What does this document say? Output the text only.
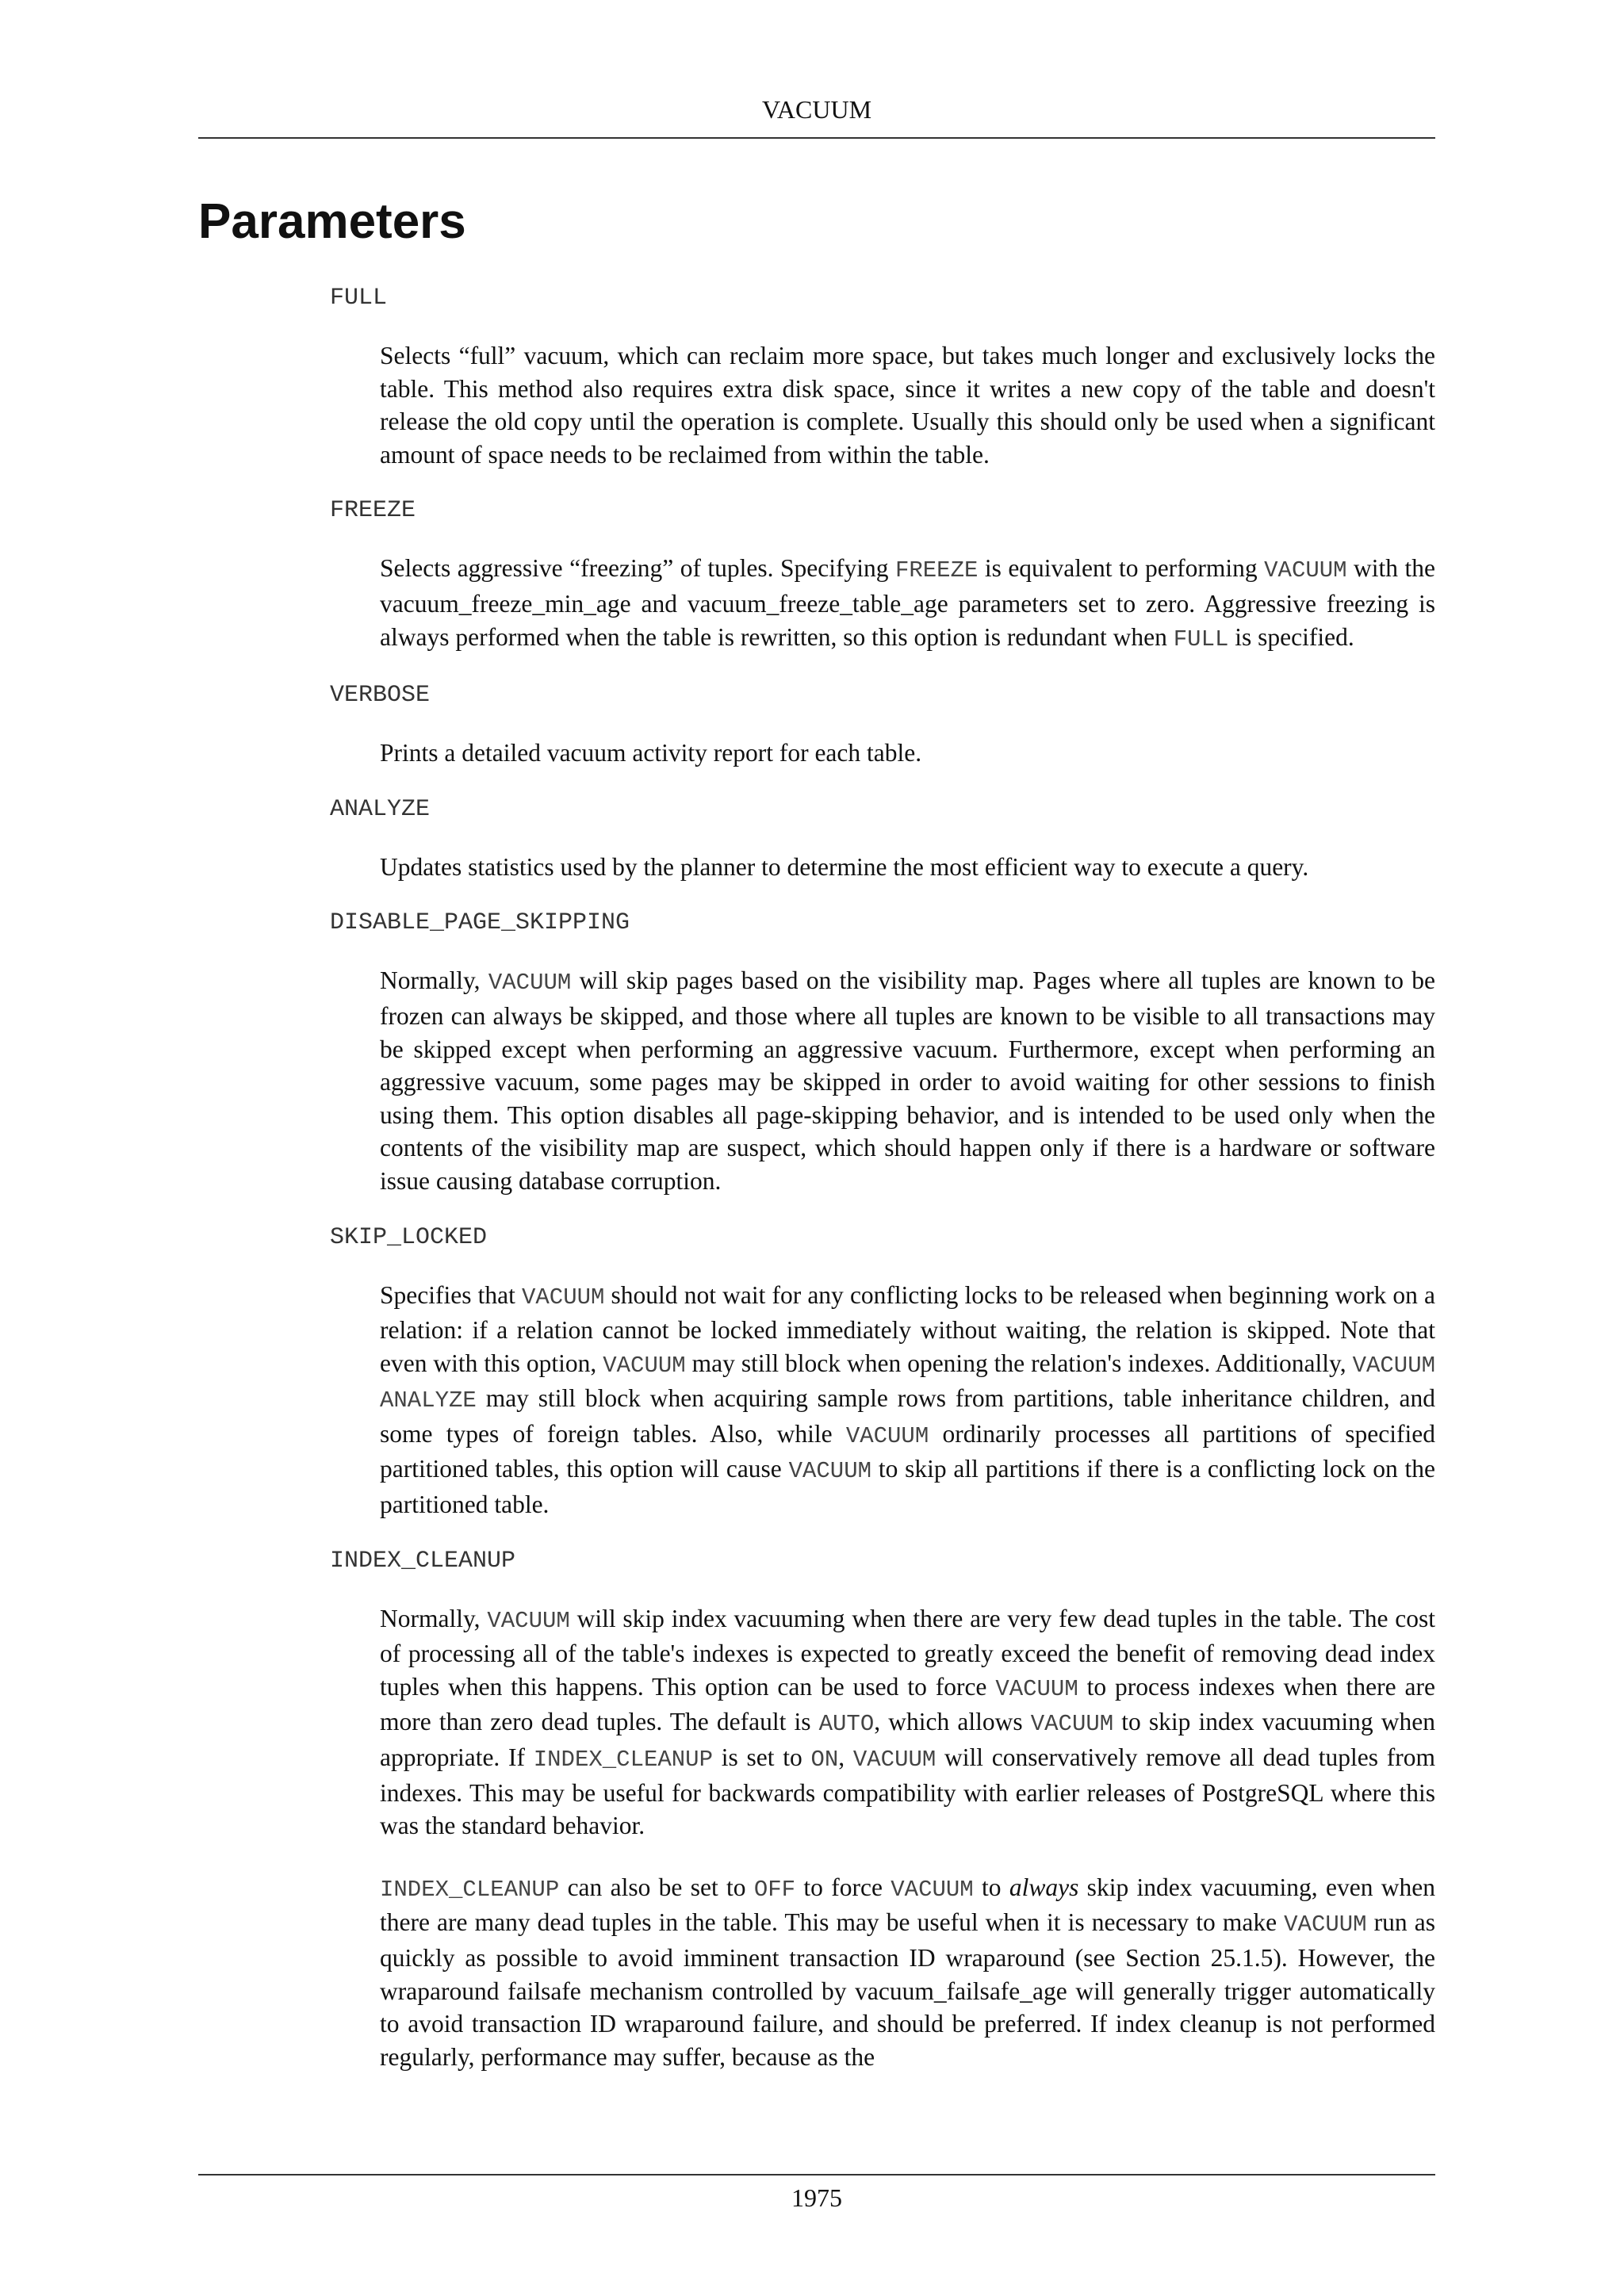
VACUUM
Parameters
FULL

Selects “full” vacuum, which can reclaim more space, but takes much longer and exclusively locks the table. This method also requires extra disk space, since it writes a new copy of the table and doesn't release the old copy until the operation is complete. Usually this should only be used when a significant amount of space needs to be reclaimed from within the table.

FREEZE

Selects aggressive “freezing” of tuples. Specifying FREEZE is equivalent to performing VACUUM with the vacuum_freeze_min_age and vacuum_freeze_table_age parameters set to zero. Aggressive freezing is always performed when the table is rewritten, so this option is redundant when FULL is specified.

VERBOSE

Prints a detailed vacuum activity report for each table.

ANALYZE

Updates statistics used by the planner to determine the most efficient way to execute a query.

DISABLE_PAGE_SKIPPING

Normally, VACUUM will skip pages based on the visibility map. Pages where all tuples are known to be frozen can always be skipped, and those where all tuples are known to be visible to all transactions may be skipped except when performing an aggressive vacuum. Furthermore, except when performing an aggressive vacuum, some pages may be skipped in order to avoid waiting for other sessions to finish using them. This option disables all page-skipping behavior, and is intended to be used only when the contents of the visibility map are suspect, which should happen only if there is a hardware or software issue causing database corruption.

SKIP_LOCKED

Specifies that VACUUM should not wait for any conflicting locks to be released when beginning work on a relation: if a relation cannot be locked immediately without waiting, the relation is skipped. Note that even with this option, VACUUM may still block when opening the relation's indexes. Additionally, VACUUM ANALYZE may still block when acquiring sample rows from partitions, table inheritance children, and some types of foreign tables. Also, while VACUUM ordinarily processes all partitions of specified partitioned tables, this option will cause VACUUM to skip all partitions if there is a conflicting lock on the partitioned table.

INDEX_CLEANUP

Normally, VACUUM will skip index vacuuming when there are very few dead tuples in the table. The cost of processing all of the table's indexes is expected to greatly exceed the benefit of removing dead index tuples when this happens. This option can be used to force VACUUM to process indexes when there are more than zero dead tuples. The default is AUTO, which allows VACUUM to skip index vacuuming when appropriate. If INDEX_CLEANUP is set to ON, VACUUM will conservatively remove all dead tuples from indexes. This may be useful for backwards compatibility with earlier releases of PostgreSQL where this was the standard behavior.

INDEX_CLEANUP can also be set to OFF to force VACUUM to always skip index vacuuming, even when there are many dead tuples in the table. This may be useful when it is necessary to make VACUUM run as quickly as possible to avoid imminent transaction ID wraparound (see Section 25.1.5). However, the wraparound failsafe mechanism controlled by vacuum_failsafe_age will generally trigger automatically to avoid transaction ID wraparound failure, and should be preferred. If index cleanup is not performed regularly, performance may suffer, because as the

1975
